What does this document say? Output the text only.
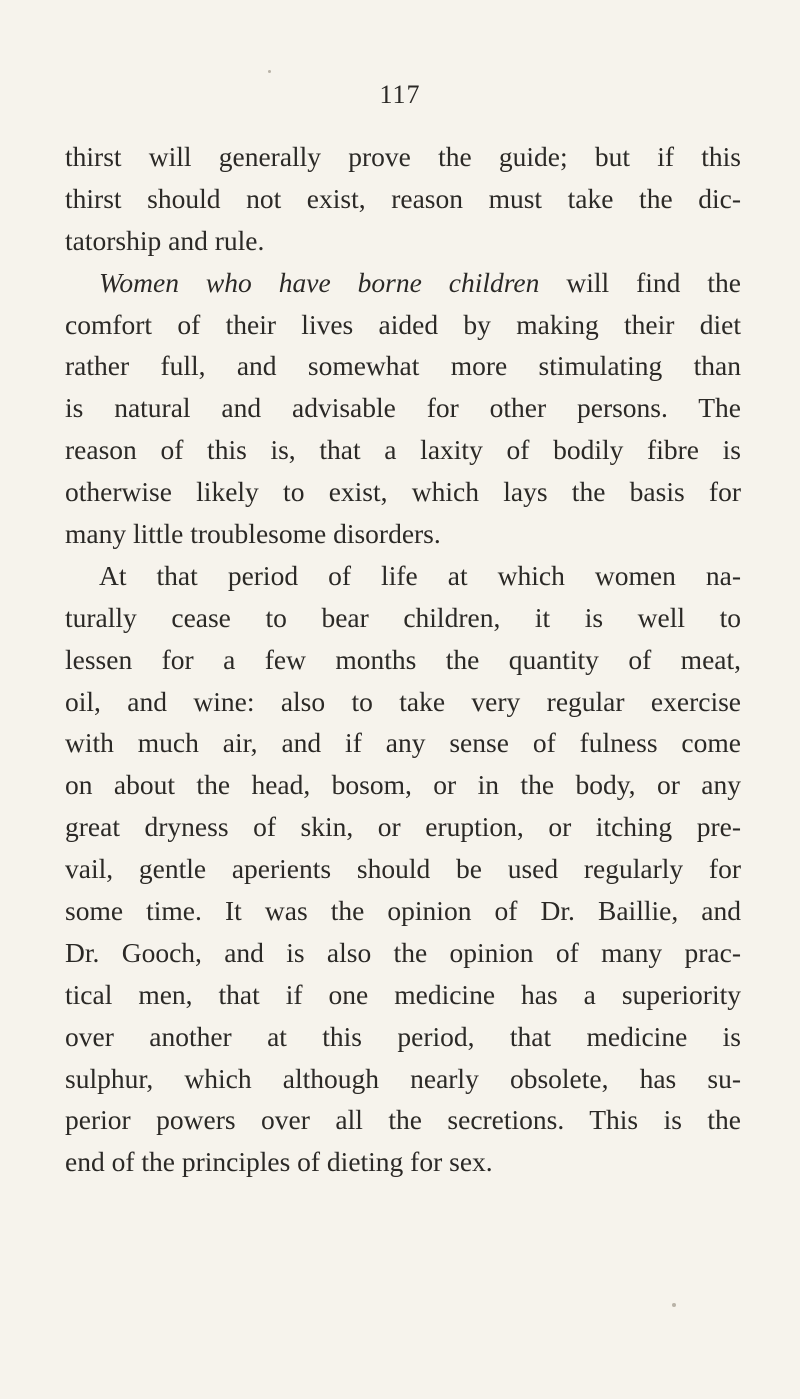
117
thirst will generally prove the guide; but if this
thirst should not exist, reason must take the dic-
tatorship and rule.
Women who have borne children will find the
comfort of their lives aided by making their diet
rather full, and somewhat more stimulating than
is natural and advisable for other persons. The
reason of this is, that a laxity of bodily fibre is
otherwise likely to exist, which lays the basis for
many little troublesome disorders.
At that period of life at which women na-
turally cease to bear children, it is well to
lessen for a few months the quantity of meat,
oil, and wine: also to take very regular exercise
with much air, and if any sense of fulness come
on about the head, bosom, or in the body, or any
great dryness of skin, or eruption, or itching pre-
vail, gentle aperients should be used regularly for
some time. It was the opinion of Dr. Baillie, and
Dr. Gooch, and is also the opinion of many prac-
tical men, that if one medicine has a superiority
over another at this period, that medicine is
sulphur, which although nearly obsolete, has su-
perior powers over all the secretions. This is the
end of the principles of dieting for sex.
